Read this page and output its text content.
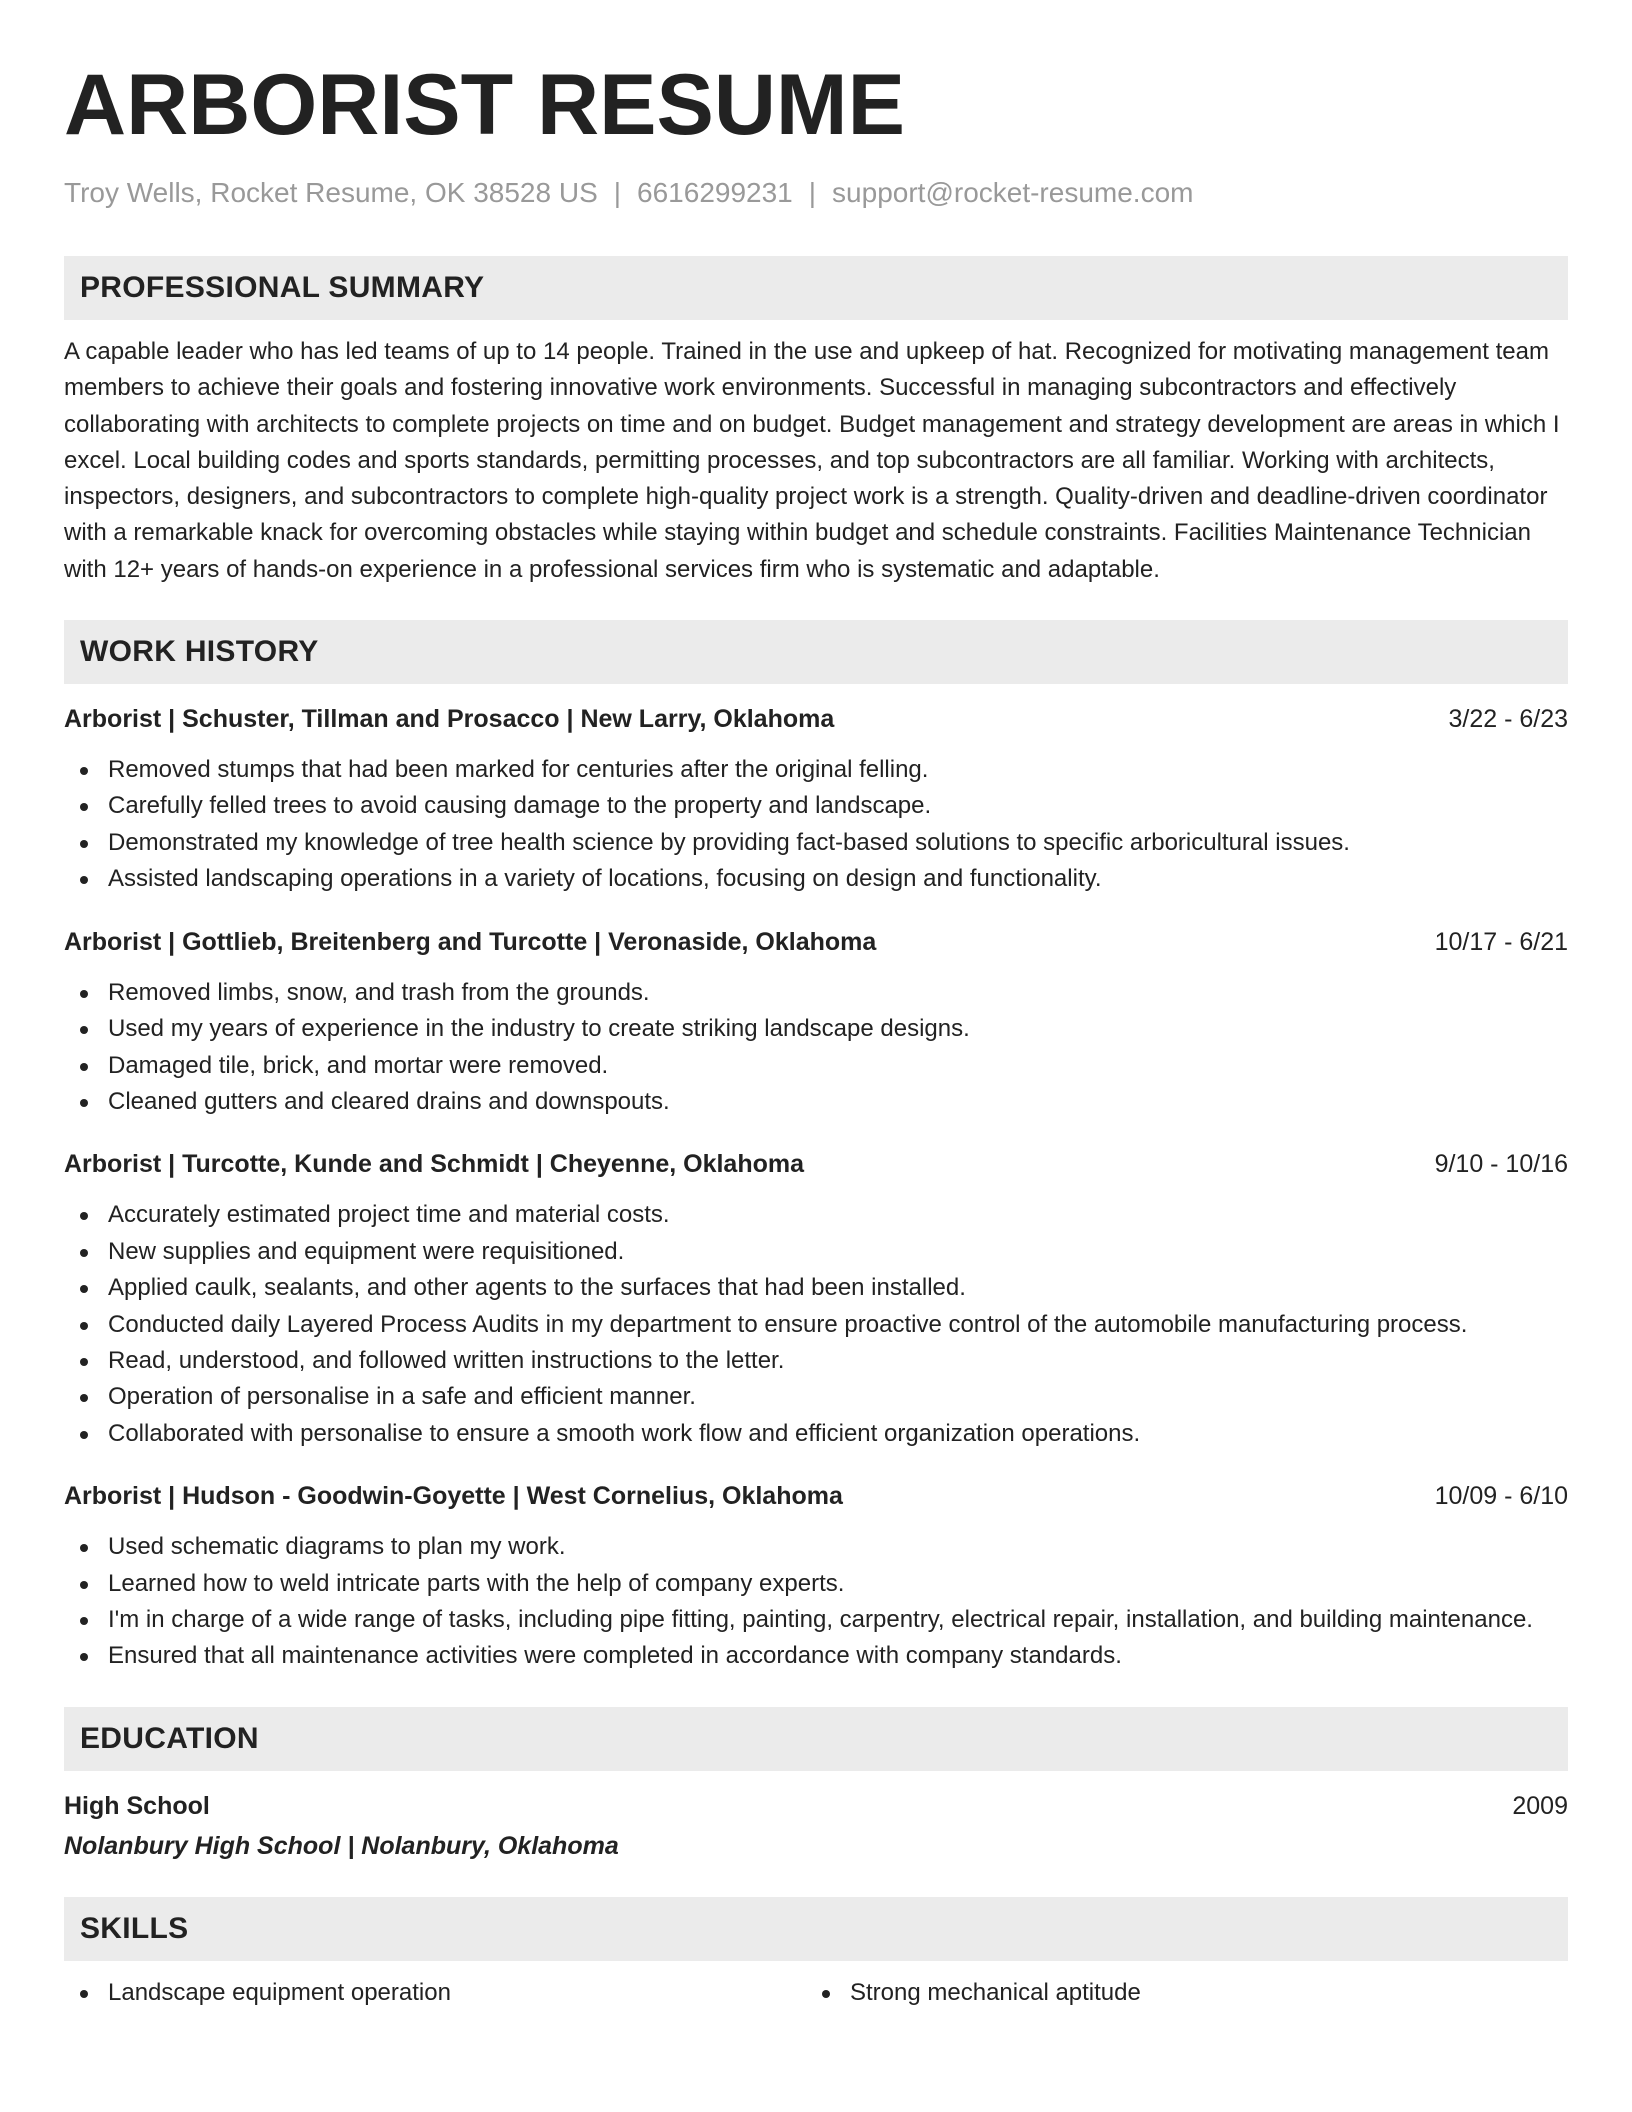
ARBORIST RESUME
Troy Wells, Rocket Resume, OK 38528 US | 6616299231 | support@rocket-resume.com
PROFESSIONAL SUMMARY
A capable leader who has led teams of up to 14 people. Trained in the use and upkeep of hat. Recognized for motivating management team members to achieve their goals and fostering innovative work environments. Successful in managing subcontractors and effectively collaborating with architects to complete projects on time and on budget. Budget management and strategy development are areas in which I excel. Local building codes and sports standards, permitting processes, and top subcontractors are all familiar. Working with architects, inspectors, designers, and subcontractors to complete high-quality project work is a strength. Quality-driven and deadline-driven coordinator with a remarkable knack for overcoming obstacles while staying within budget and schedule constraints. Facilities Maintenance Technician with 12+ years of hands-on experience in a professional services firm who is systematic and adaptable.
WORK HISTORY
Arborist | Schuster, Tillman and Prosacco | New Larry, Oklahoma	3/22 - 6/23
Removed stumps that had been marked for centuries after the original felling.
Carefully felled trees to avoid causing damage to the property and landscape.
Demonstrated my knowledge of tree health science by providing fact-based solutions to specific arboricultural issues.
Assisted landscaping operations in a variety of locations, focusing on design and functionality.
Arborist | Gottlieb, Breitenberg and Turcotte | Veronaside, Oklahoma	10/17 - 6/21
Removed limbs, snow, and trash from the grounds.
Used my years of experience in the industry to create striking landscape designs.
Damaged tile, brick, and mortar were removed.
Cleaned gutters and cleared drains and downspouts.
Arborist | Turcotte, Kunde and Schmidt | Cheyenne, Oklahoma	9/10 - 10/16
Accurately estimated project time and material costs.
New supplies and equipment were requisitioned.
Applied caulk, sealants, and other agents to the surfaces that had been installed.
Conducted daily Layered Process Audits in my department to ensure proactive control of the automobile manufacturing process.
Read, understood, and followed written instructions to the letter.
Operation of personalise in a safe and efficient manner.
Collaborated with personalise to ensure a smooth work flow and efficient organization operations.
Arborist | Hudson - Goodwin-Goyette | West Cornelius, Oklahoma	10/09 - 6/10
Used schematic diagrams to plan my work.
Learned how to weld intricate parts with the help of company experts.
I'm in charge of a wide range of tasks, including pipe fitting, painting, carpentry, electrical repair, installation, and building maintenance.
Ensured that all maintenance activities were completed in accordance with company standards.
EDUCATION
High School	2009
Nolanbury High School | Nolanbury, Oklahoma
SKILLS
Landscape equipment operation	Strong mechanical aptitude
